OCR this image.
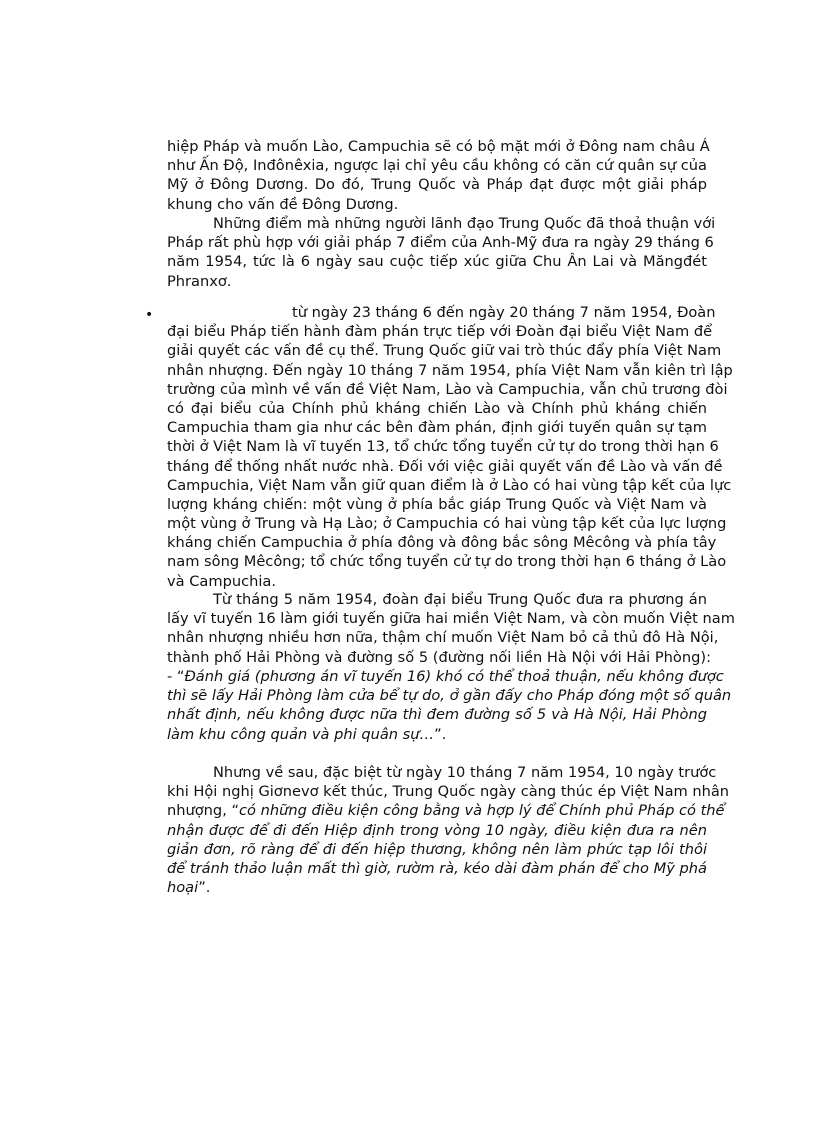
hiệp Pháp và muốn Lào, Campuchia sẽ có bộ mặt mới ở Đông nam châu Á
như Ấn Độ, Inđônêxia, ngược lại chỉ yêu cầu không có căn cứ quân sự của
Mỹ ở Đông Dương. Do đó, Trung Quốc và Pháp đạt được một giải pháp
khung cho vấn đề Đông Dương.
Những điểm mà những người lãnh đạo Trung Quốc đã thoả thuận với
Pháp rất phù hợp với giải pháp 7 điểm của Anh-Mỹ đưa ra ngày 29 tháng 6
năm 1954, tức là 6 ngày sau cuộc tiếp xúc giữa Chu Ân Lai và Măngđét
Phranxơ.
•	từ ngày 23 tháng 6 đến ngày 20 tháng 7 năm 1954, Đoàn
đại biểu Pháp tiến hành đàm phán trực tiếp với Đoàn đại biểu Việt Nam để
giải quyết các vấn đề cụ thể. Trung Quốc giữ vai trò thúc đẩy phía Việt Nam
nhân nhượng. Đến ngày 10 tháng 7 năm 1954, phía Việt Nam vẫn kiên trì lập
trường của mình về vấn đề Việt Nam, Lào và Campuchia, vẫn chủ trương đòi
có đại biểu của Chính phủ kháng chiến Lào và Chính phủ kháng chiến
Campuchia tham gia như các bên đàm phán, định giới tuyến quân sự tạm
thời ở Việt Nam là vĩ tuyến 13, tổ chức tổng tuyển cử tự do trong thời hạn 6
tháng để thống nhất nước nhà. Đối với việc giải quyết vấn đề Lào và vấn đề
Campuchia, Việt Nam vẫn giữ quan điểm là ở Lào có hai vùng tập kết của lực
lượng kháng chiến: một vùng ở phía bắc giáp Trung Quốc và Việt Nam và
một vùng ở Trung và Hạ Lào; ở Campuchia có hai vùng tập kết của lực lượng
kháng chiến Campuchia ở phía đông và đông bắc sông Mêcông và phía tây
nam sông Mêcông; tổ chức tổng tuyển cử tự do trong thời hạn 6 tháng ở Lào
và Campuchia.
Từ tháng 5 năm 1954, đoàn đại biểu Trung Quốc đưa ra phương án
lấy vĩ tuyến 16 làm giới tuyến giữa hai miền Việt Nam, và còn muốn Việt nam
nhân nhượng nhiều hơn nữa, thậm chí muốn Việt Nam bỏ cả thủ đô Hà Nội,
thành phố Hải Phòng và đường số 5 (đường nối liền Hà Nội với Hải Phòng):
- “Đánh giá (phương án vĩ tuyến 16) khó có thể thoả thuận, nếu không được
thì sẽ lấy Hải Phòng làm cửa bể tự do, ở gần đấy cho Pháp đóng một số quân
nhất định, nếu không được nữa thì đem đường số 5 và Hà Nội, Hải Phòng
làm khu công quản và phi quân sự…”.
Nhưng về sau, đặc biệt từ ngày 10 tháng 7 năm 1954, 10 ngày trước
khi Hội nghị Giơnevơ kết thúc, Trung Quốc ngày càng thúc ép Việt Nam nhân
nhượng, “có những điều kiện công bằng và hợp lý để Chính phủ Pháp có thể
nhận được để đi đến Hiệp định trong vòng 10 ngày, điều kiện đưa ra nên
giản đơn, rõ ràng để đi đến hiệp thương, không nên làm phức tạp lôi thôi
để tránh thảo luận mất thì giờ, rườm rà, kéo dài đàm phán để cho Mỹ phá
hoại”.
